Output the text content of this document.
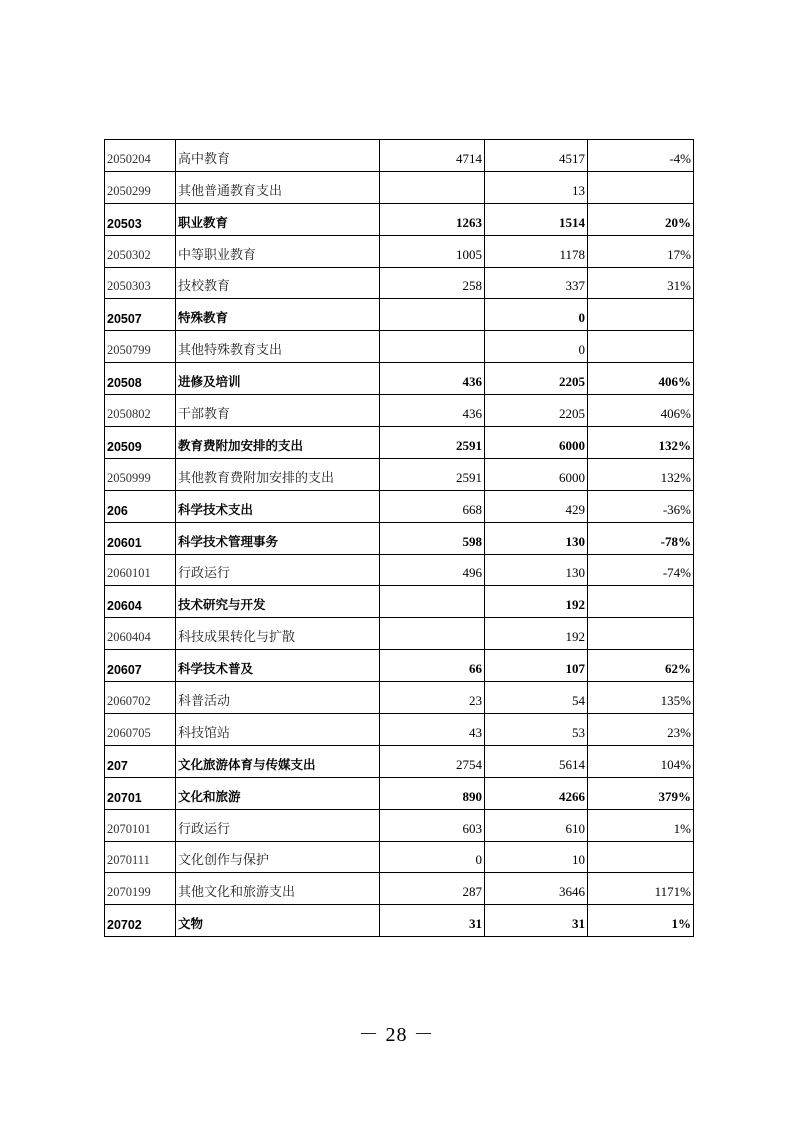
2050204	高中教育	4714	4517	-4%
2050299	其他普通教育支出		13	
20503	职业教育	1263	1514	20%
2050302	中等职业教育	1005	1178	17%
2050303	技校教育	258	337	31%
20507	特殊教育		0	
2050799	其他特殊教育支出		0	
20508	进修及培训	436	2205	406%
2050802	干部教育	436	2205	406%
20509	教育费附加安排的支出	2591	6000	132%
2050999	其他教育费附加安排的支出	2591	6000	132%
206	科学技术支出	668	429	-36%
20601	科学技术管理事务	598	130	-78%
2060101	行政运行	496	130	-74%
20604	技术研究与开发		192	
2060404	科技成果转化与扩散		192	
20607	科学技术普及	66	107	62%
2060702	科普活动	23	54	135%
2060705	科技馆站	43	53	23%
207	文化旅游体育与传媒支出	2754	5614	104%
20701	文化和旅游	890	4266	379%
2070101	行政运行	603	610	1%
2070111	文化创作与保护	0	10	
2070199	其他文化和旅游支出	287	3646	1171%
20702	文物	31	31	1%
－ 28 －
